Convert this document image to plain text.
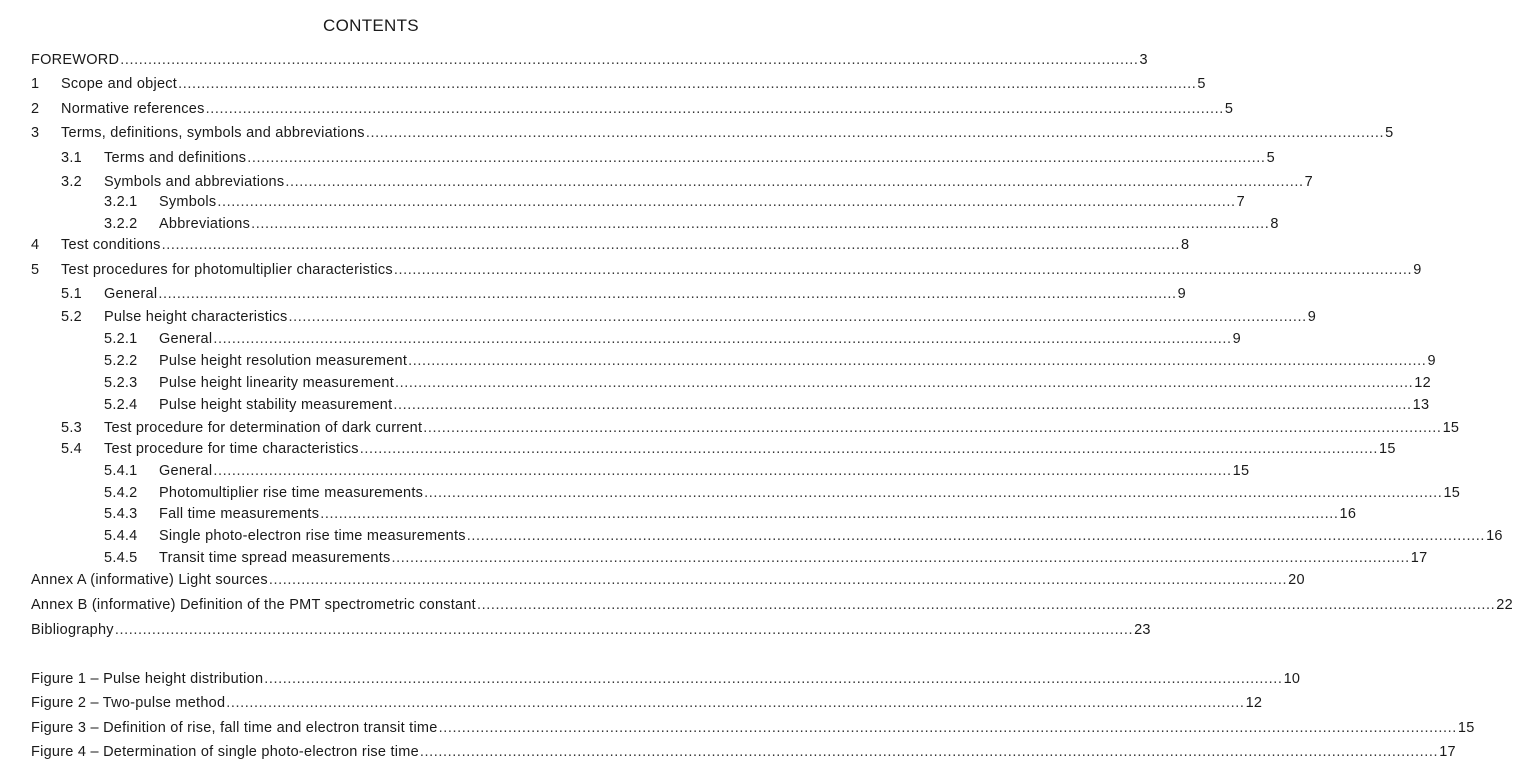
CONTENTS
FOREWORD ............................................................................................................................................................................................................................ 3
1	Scope and object ............................................................................................................................................................................................................................ 5
2	Normative references ............................................................................................................................................................................................................................ 5
3	Terms, definitions, symbols and abbreviations ............................................................................................................................................................................................................................ 5
3.1	Terms and definitions ............................................................................................................................................................................................................................ 5
3.2	Symbols and abbreviations ............................................................................................................................................................................................................................ 7
3.2.1	Symbols ............................................................................................................................................................................................................................ 7
3.2.2	Abbreviations ............................................................................................................................................................................................................................ 8
4	Test conditions ............................................................................................................................................................................................................................ 8
5	Test procedures for photomultiplier characteristics ............................................................................................................................................................................................................................ 9
5.1	General ............................................................................................................................................................................................................................ 9
5.2	Pulse height characteristics ............................................................................................................................................................................................................................ 9
5.2.1	General ............................................................................................................................................................................................................................ 9
5.2.2	Pulse height resolution measurement ............................................................................................................................................................................................................................ 9
5.2.3	Pulse height linearity measurement ............................................................................................................................................................................................................................ 12
5.2.4	Pulse height stability measurement ............................................................................................................................................................................................................................ 13
5.3	Test procedure for determination of dark current ............................................................................................................................................................................................................................ 15
5.4	Test procedure for time characteristics ............................................................................................................................................................................................................................ 15
5.4.1	General ............................................................................................................................................................................................................................ 15
5.4.2	Photomultiplier rise time measurements ............................................................................................................................................................................................................................ 15
5.4.3	Fall time measurements ............................................................................................................................................................................................................................ 16
5.4.4	Single photo-electron rise time measurements ............................................................................................................................................................................................................................ 16
5.4.5	Transit time spread measurements ............................................................................................................................................................................................................................ 17
Annex A (informative) Light sources ............................................................................................................................................................................................................................ 20
Annex B (informative) Definition of the PMT spectrometric constant ............................................................................................................................................................................................................................ 22
Bibliography ............................................................................................................................................................................................................................ 23
Figure 1 – Pulse height distribution ............................................................................................................................................................................................................................ 10
Figure 2 – Two-pulse method ............................................................................................................................................................................................................................ 12
Figure 3 – Definition of rise, fall time and electron transit time ............................................................................................................................................................................................................................ 15
Figure 4 – Determination of single photo-electron rise time ............................................................................................................................................................................................................................ 17
